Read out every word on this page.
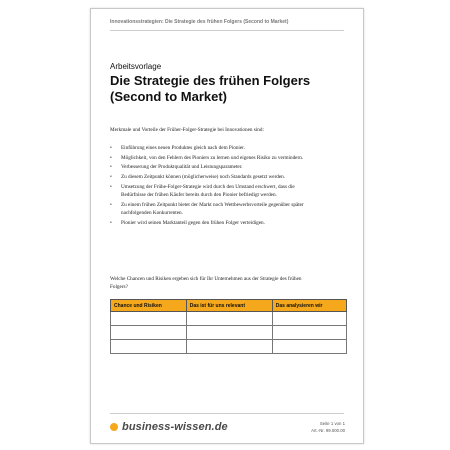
Innovationsstrategien: Die Strategie des frühen Folgers (Second to Market)
Arbeitsvorlage
Die Strategie des frühen Folgers (Second to Market)
Merkmale und Vorteile der Früher-Folger-Strategie bei Innovationen sind:
• Einführung eines neuen Produktes gleich nach dem Pionier.
• Möglichkeit, von den Fehlern des Pioniers zu lernen und eigenes Risiko zu vermindern.
• Verbesserung der Produktqualität und Leistungsparameter.
• Zu diesem Zeitpunkt können (möglicherweise) noch Standards gesetzt werden.
• Umsetzung der Frühe-Folger-Strategie wird durch den Umstand erschwert, dass die Bedürfnisse der frühen Käufer bereits durch den Pionier befriedigt werden.
• Zu einem frühen Zeitpunkt bietet der Markt noch Wettbewerbsvorteile gegenüber später nachfolgenden Konkurrenten.
• Pionier wird seinen Marktanteil gegen den frühen Folger verteidigen.
Welche Chancen und Risiken ergeben sich für Ihr Unternehmen aus der Strategie des frühen Folgers?
Chance und Risiken	Das ist für uns relevant	Das analysieren wir

business-wissen.de	Seite 1 von 1
Art.-Nr. 99.000.00
